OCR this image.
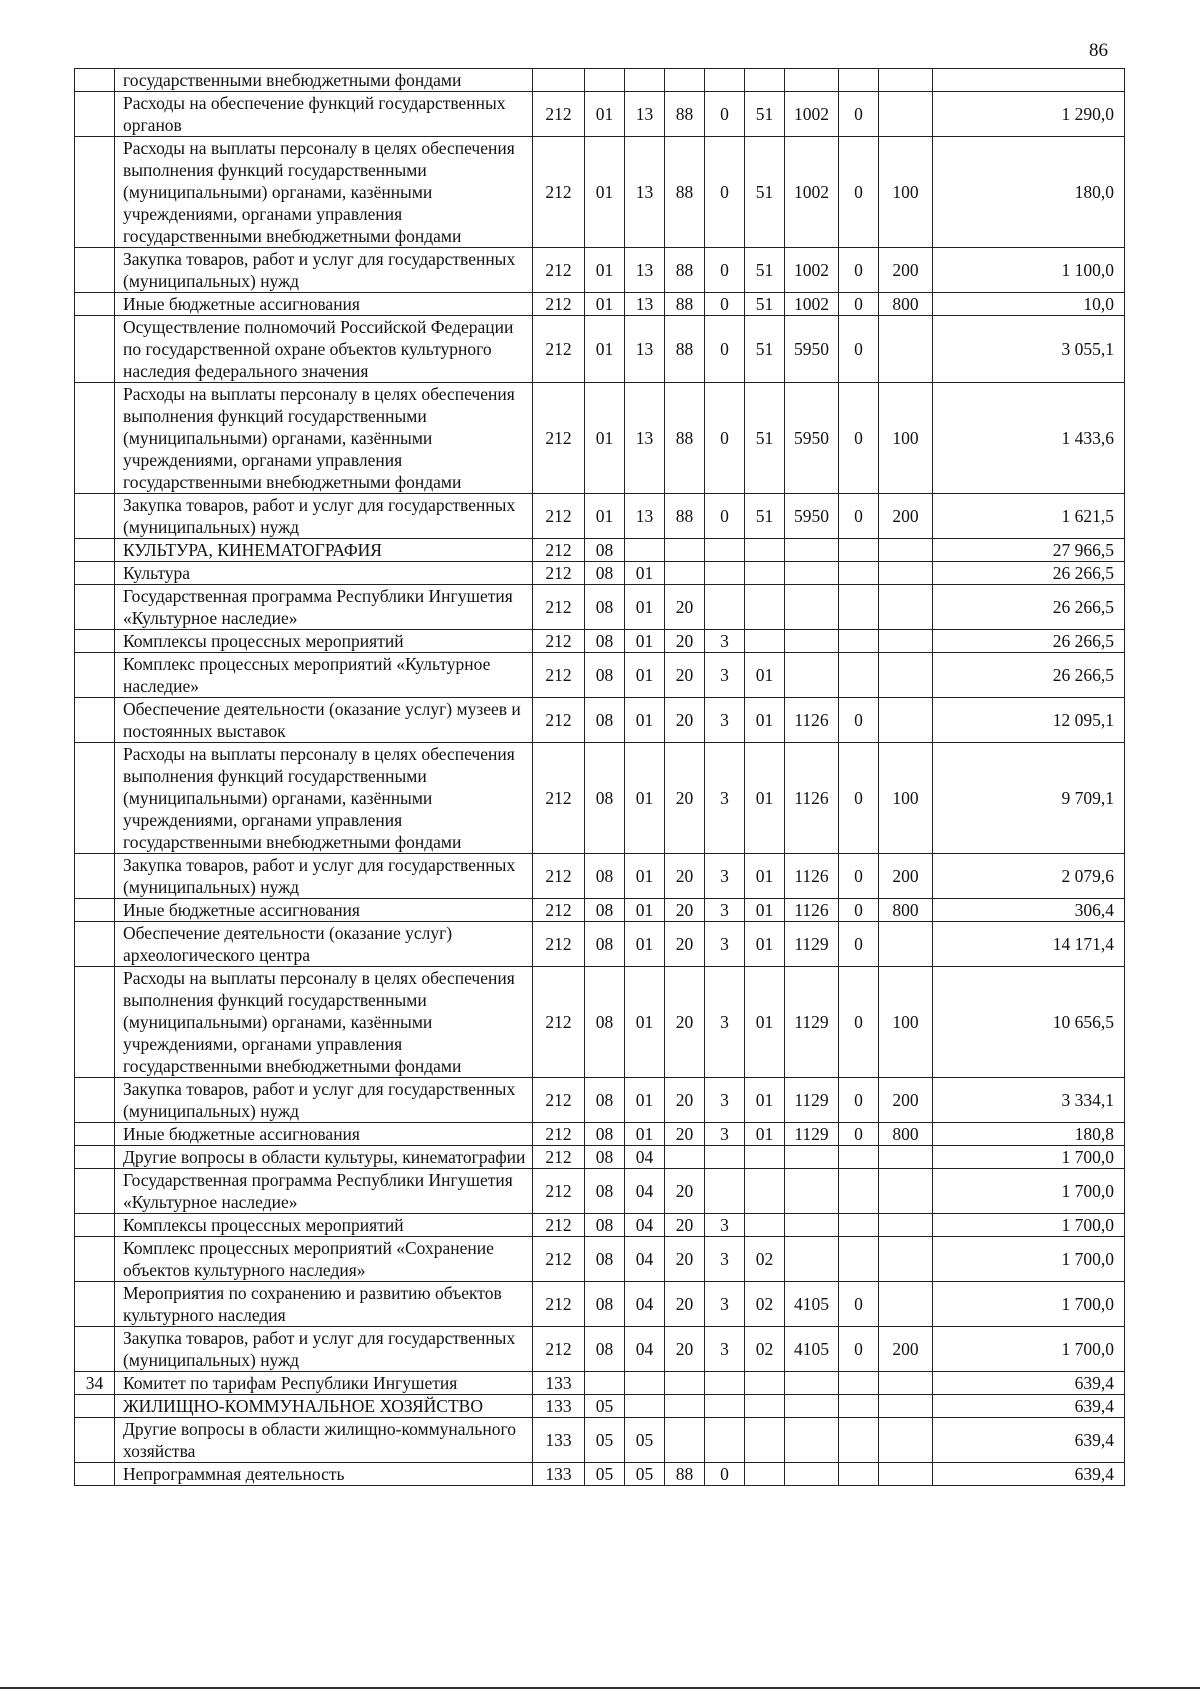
86
	государственными внебюджетными фондами										
	Расходы на обеспечение функций государственных органов	212	01	13	88	0	51	1002	0		1 290,0
	Расходы на выплаты персоналу в целях обеспечения выполнения функций государственными (муниципальными) органами, казёнными учреждениями, органами управления государственными внебюджетными фондами	212	01	13	88	0	51	1002	0	100	180,0
	Закупка товаров, работ и услуг для государственных (муниципальных) нужд	212	01	13	88	0	51	1002	0	200	1 100,0
	Иные бюджетные ассигнования	212	01	13	88	0	51	1002	0	800	10,0
	Осуществление полномочий Российской Федерации по государственной охране объектов культурного наследия федерального значения	212	01	13	88	0	51	5950	0		3 055,1
	Расходы на выплаты персоналу в целях обеспечения выполнения функций государственными (муниципальными) органами, казёнными учреждениями, органами управления государственными внебюджетными фондами	212	01	13	88	0	51	5950	0	100	1 433,6
	Закупка товаров, работ и услуг для государственных (муниципальных) нужд	212	01	13	88	0	51	5950	0	200	1 621,5
	КУЛЬТУРА, КИНЕМАТОГРАФИЯ	212	08								27 966,5
	Культура	212	08	01							26 266,5
	Государственная программа Республики Ингушетия «Культурное наследие»	212	08	01	20						26 266,5
	Комплексы процессных мероприятий	212	08	01	20	3					26 266,5
	Комплекс процессных мероприятий «Культурное наследие»	212	08	01	20	3	01				26 266,5
	Обеспечение деятельности (оказание услуг) музеев и постоянных выставок	212	08	01	20	3	01	1126	0		12 095,1
	Расходы на выплаты персоналу в целях обеспечения выполнения функций государственными (муниципальными) органами, казёнными учреждениями, органами управления государственными внебюджетными фондами	212	08	01	20	3	01	1126	0	100	9 709,1
	Закупка товаров, работ и услуг для государственных (муниципальных) нужд	212	08	01	20	3	01	1126	0	200	2 079,6
	Иные бюджетные ассигнования	212	08	01	20	3	01	1126	0	800	306,4
	Обеспечение деятельности (оказание услуг) археологического центра	212	08	01	20	3	01	1129	0		14 171,4
	Расходы на выплаты персоналу в целях обеспечения выполнения функций государственными (муниципальными) органами, казёнными учреждениями, органами управления государственными внебюджетными фондами	212	08	01	20	3	01	1129	0	100	10 656,5
	Закупка товаров, работ и услуг для государственных (муниципальных) нужд	212	08	01	20	3	01	1129	0	200	3 334,1
	Иные бюджетные ассигнования	212	08	01	20	3	01	1129	0	800	180,8
	Другие вопросы в области культуры, кинематографии	212	08	04							1 700,0
	Государственная программа Республики Ингушетия «Культурное наследие»	212	08	04	20						1 700,0
	Комплексы процессных мероприятий	212	08	04	20	3					1 700,0
	Комплекс процессных мероприятий «Сохранение объектов культурного наследия»	212	08	04	20	3	02				1 700,0
	Мероприятия по сохранению и развитию объектов культурного наследия	212	08	04	20	3	02	4105	0		1 700,0
	Закупка товаров, работ и услуг для государственных (муниципальных) нужд	212	08	04	20	3	02	4105	0	200	1 700,0
34	Комитет по тарифам Республики Ингушетия	133									639,4
	ЖИЛИЩНО-КОММУНАЛЬНОЕ ХОЗЯЙСТВО	133	05								639,4
	Другие вопросы в области жилищно-коммунального хозяйства	133	05	05							639,4
	Непрограммная деятельность	133	05	05	88	0					639,4
